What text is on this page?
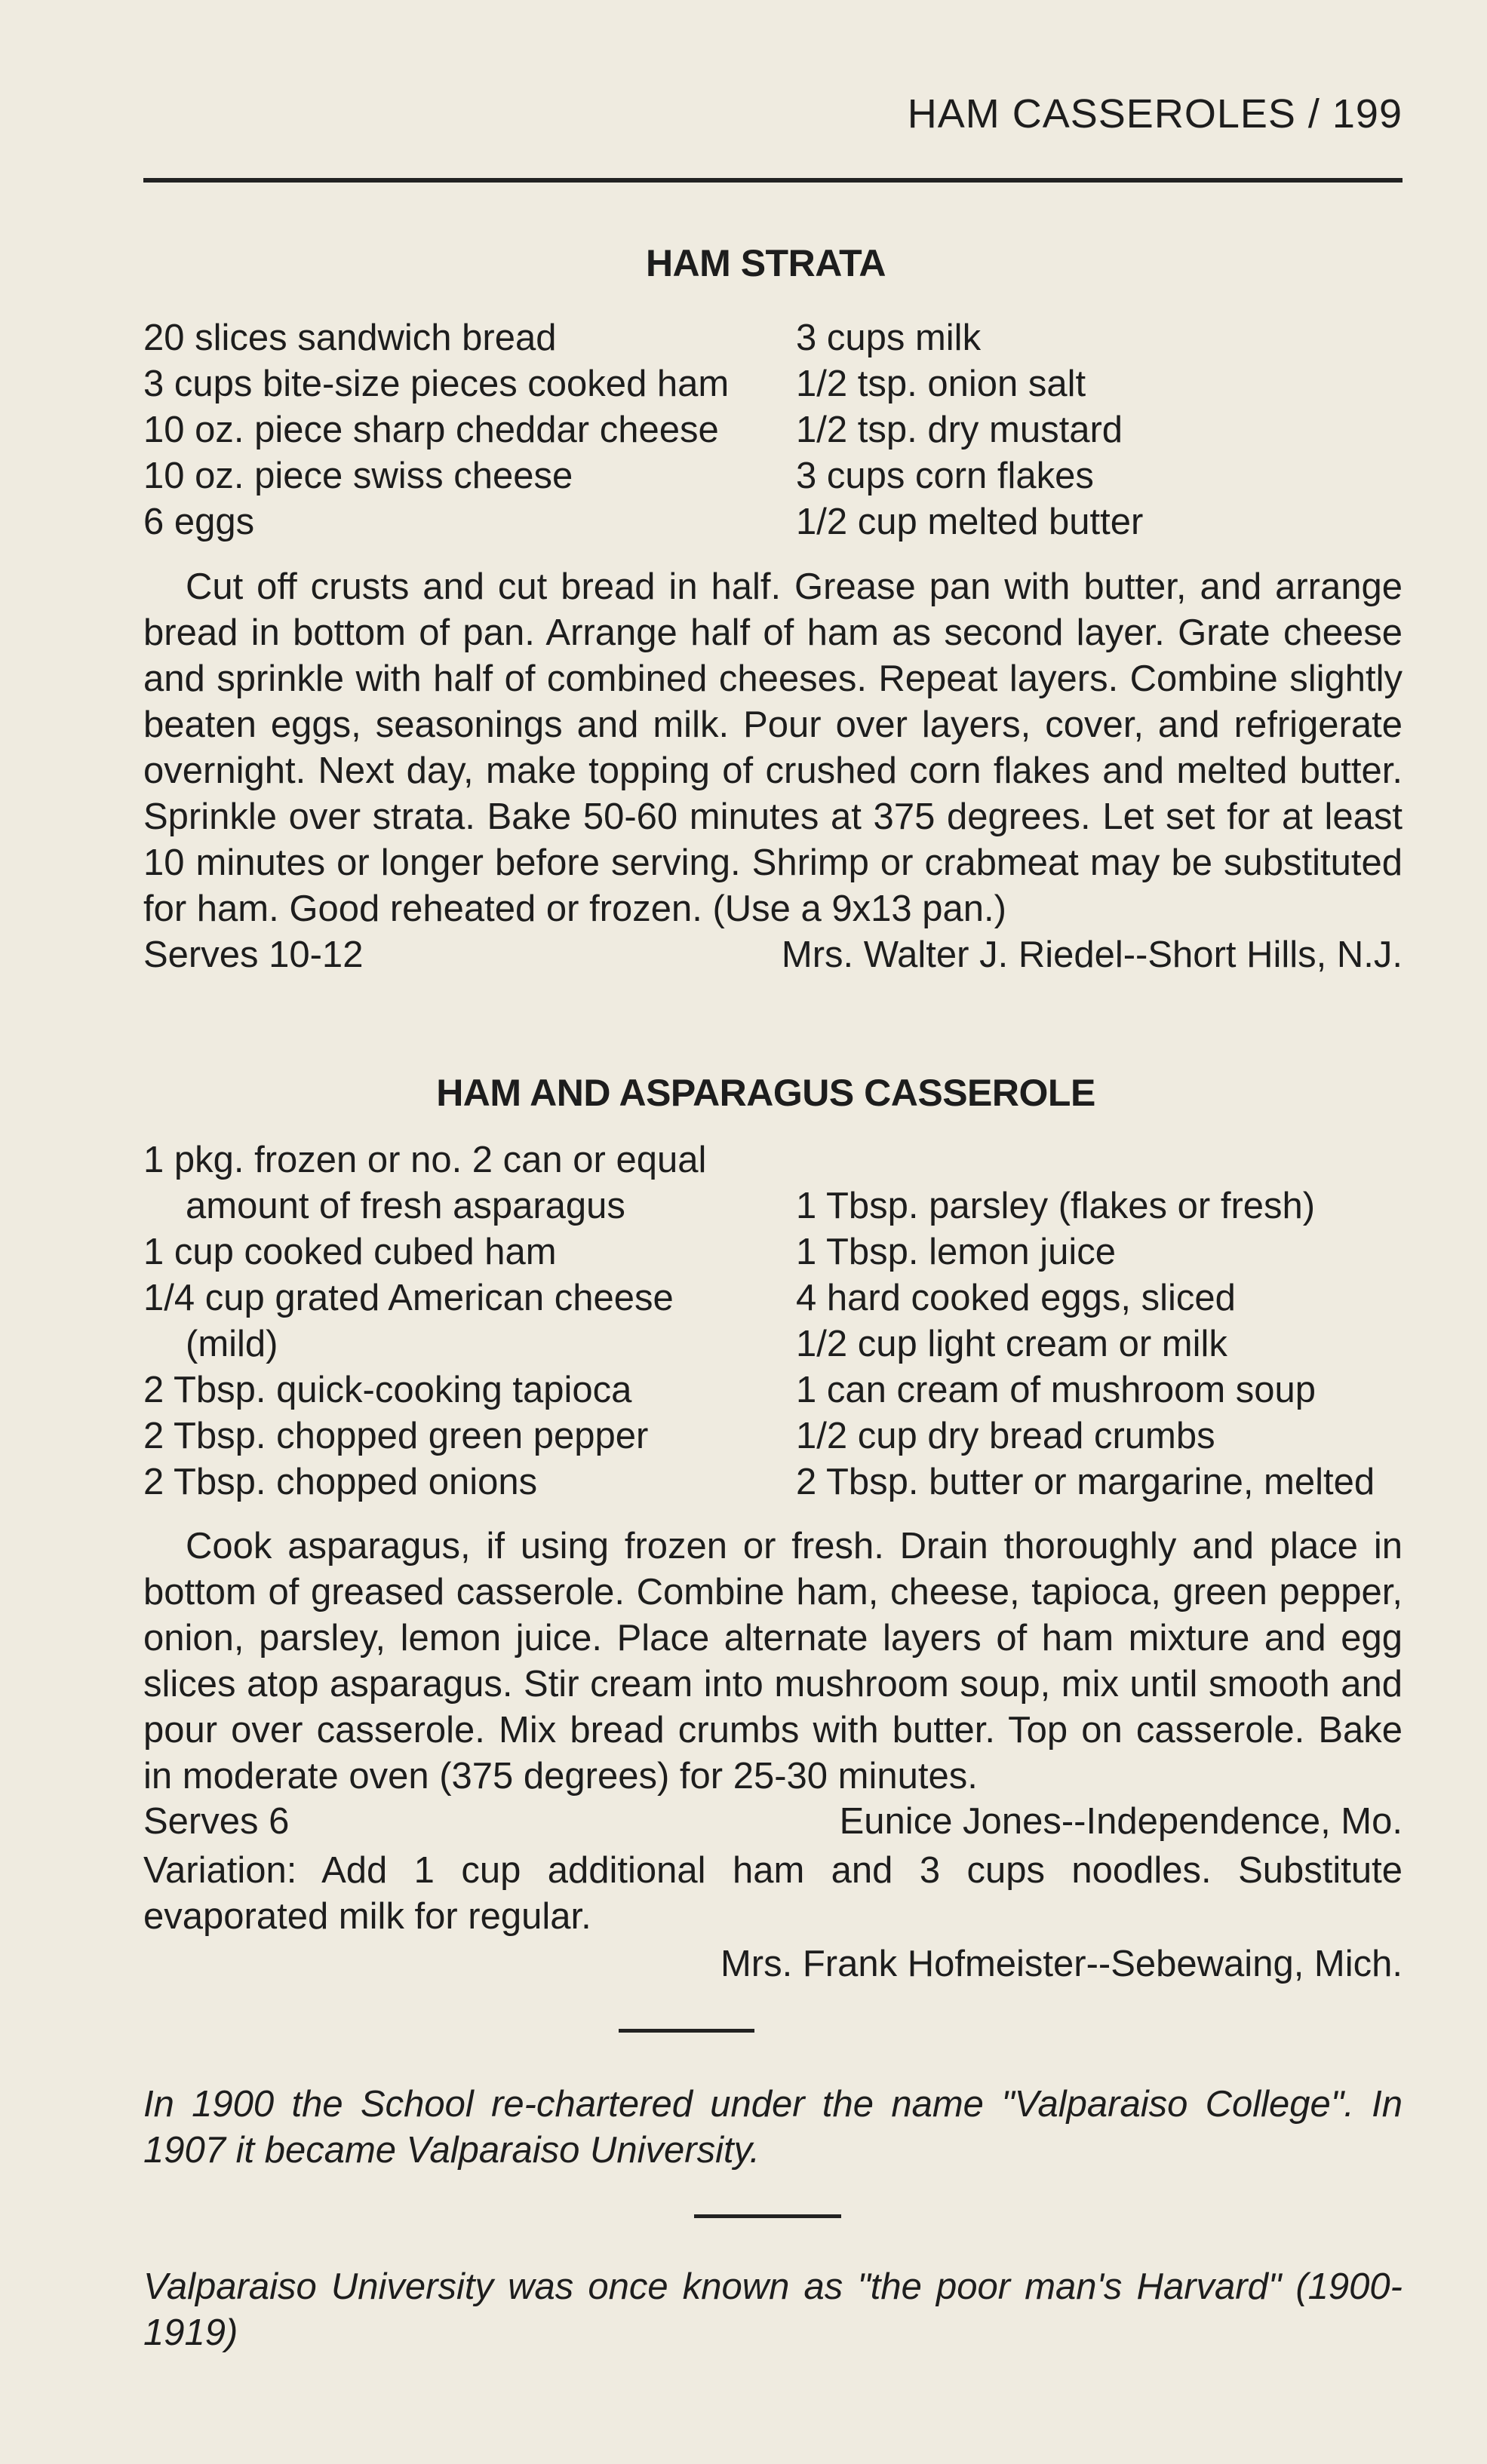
HAM CASSEROLES / 199
HAM STRATA
20 slices sandwich bread
3 cups bite-size pieces cooked ham
10 oz. piece sharp cheddar cheese
10 oz. piece swiss cheese
6 eggs
3 cups milk
1/2 tsp. onion salt
1/2 tsp. dry mustard
3 cups corn flakes
1/2 cup melted butter
Cut off crusts and cut bread in half. Grease pan with butter, and arrange bread in bottom of pan. Arrange half of ham as second layer. Grate cheese and sprinkle with half of combined cheeses. Repeat layers. Combine slightly beaten eggs, seasonings and milk. Pour over layers, cover, and refrigerate overnight. Next day, make topping of crushed corn flakes and melted butter. Sprinkle over strata. Bake 50-60 minutes at 375 degrees. Let set for at least 10 minutes or longer before serving. Shrimp or crabmeat may be substituted for ham. Good reheated or frozen. (Use a 9x13 pan.)
Serves 10-12	Mrs. Walter J. Riedel--Short Hills, N.J.
HAM AND ASPARAGUS CASSEROLE
1 pkg. frozen or no. 2 can or equal
amount of fresh asparagus
1 cup cooked cubed ham
1/4 cup grated American cheese
(mild)
2 Tbsp. quick-cooking tapioca
2 Tbsp. chopped green pepper
2 Tbsp. chopped onions
1 Tbsp. parsley (flakes or fresh)
1 Tbsp. lemon juice
4 hard cooked eggs, sliced
1/2 cup light cream or milk
1 can cream of mushroom soup
1/2 cup dry bread crumbs
2 Tbsp. butter or margarine, melted
Cook asparagus, if using frozen or fresh. Drain thoroughly and place in bottom of greased casserole. Combine ham, cheese, tapioca, green pepper, onion, parsley, lemon juice. Place alternate layers of ham mixture and egg slices atop asparagus. Stir cream into mushroom soup, mix until smooth and pour over casserole. Mix bread crumbs with butter. Top on casserole. Bake in moderate oven (375 degrees) for 25-30 minutes.
Serves 6	Eunice Jones--Independence, Mo.
Variation: Add 1 cup additional ham and 3 cups noodles. Substitute evaporated milk for regular.
Mrs. Frank Hofmeister--Sebewaing, Mich.
In 1900 the School re-chartered under the name "Valparaiso College". In 1907 it became Valparaiso University.
Valparaiso University was once known as "the poor man's Harvard" (1900-1919)
